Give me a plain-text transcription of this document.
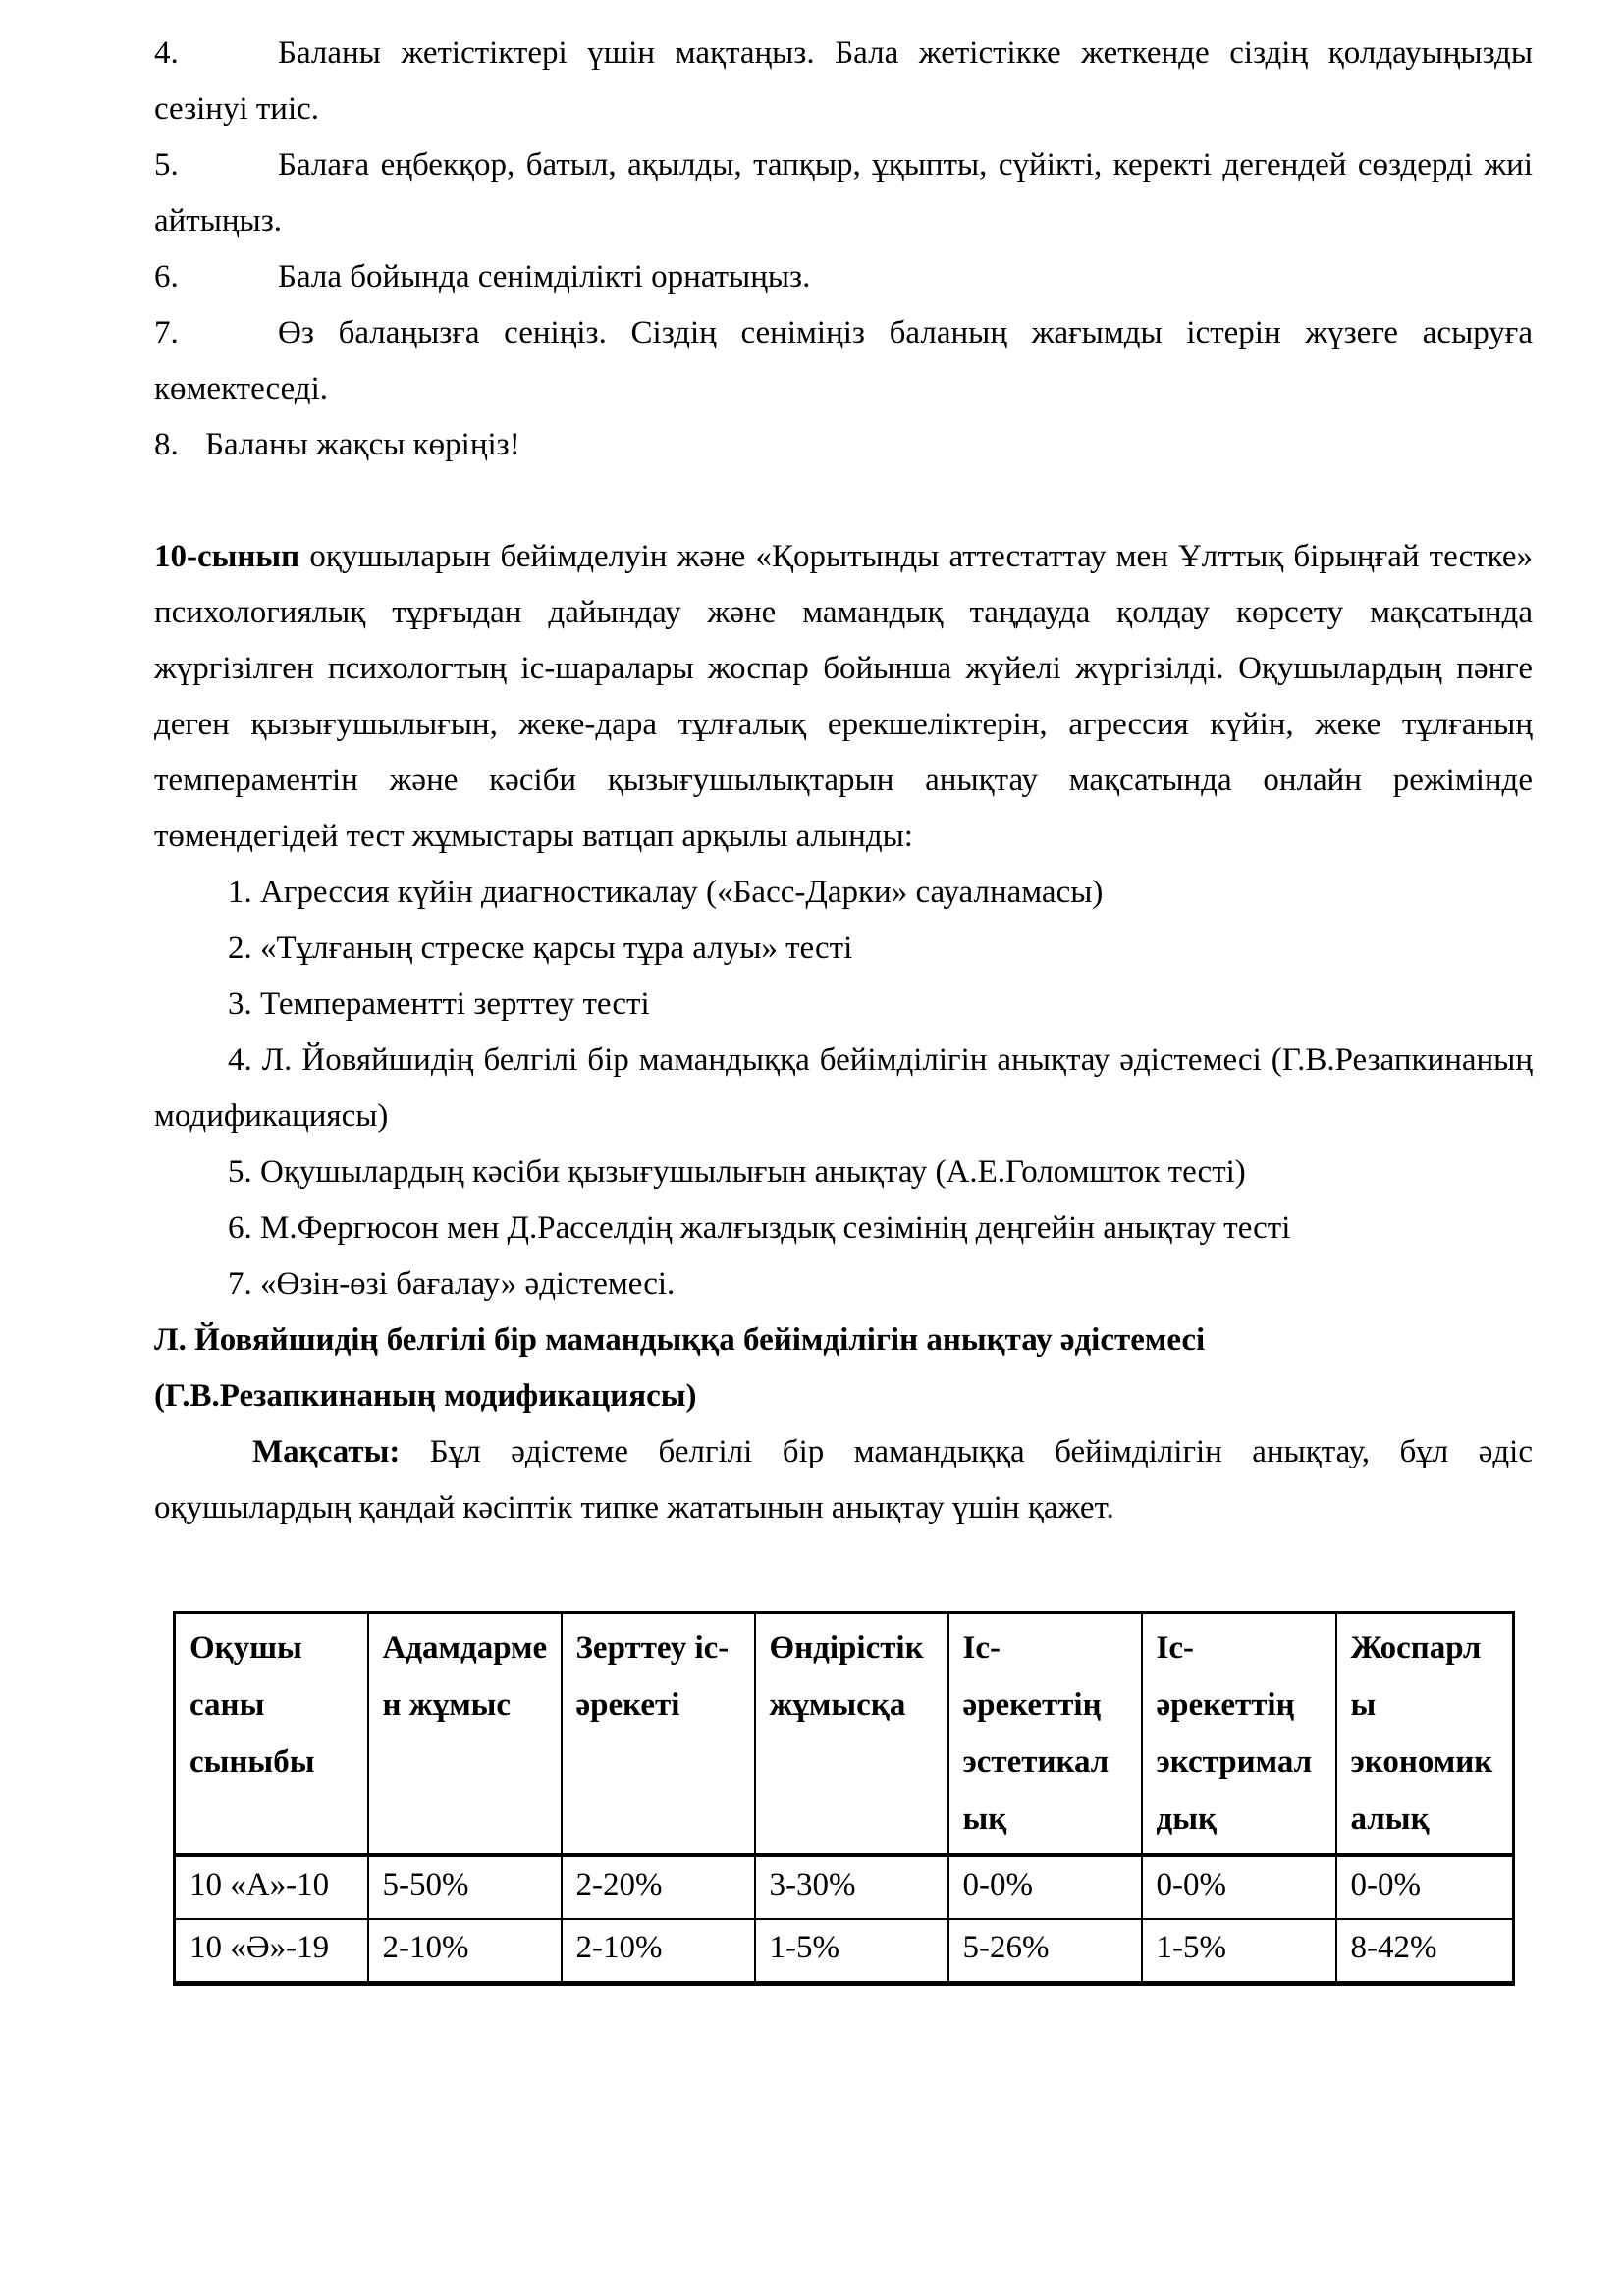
4.	Баланы жетістіктері үшін мақтаңыз. Бала жетістікке жеткенде сіздің қолдауыңызды сезінуі тиіс.

5.	Балаға еңбекқор, батыл, ақылды, тапқыр, ұқыпты, сүйікті, керекті дегендей сөздерді жиі айтыңыз.

6.	Бала бойында сенімділікті орнатыңыз.

7.	Өз балаңызға сеніңіз. Сіздің сеніміңіз баланың жағымды істерін жүзеге асыруға көмектеседі.

8. Баланы жақсы көріңіз!

10-сынып оқушыларын бейімделуін және «Қорытынды аттестаттау мен Ұлттық бірыңғай тестке» психологиялық тұрғыдан дайындау және мамандық таңдауда қолдау көрсету мақсатында жүргізілген психологтың іс-шаралары жоспар бойынша жүйелі жүргізілді. Оқушылардың пәнге деген қызығушылығын, жеке-дара тұлғалық ерекшеліктерін, агрессия күйін, жеке тұлғаның темпераментін және кәсіби қызығушылықтарын анықтау мақсатында онлайн режімінде төмендегідей тест жұмыстары ватцап арқылы алынды:

1. Агрессия күйін диагностикалау («Басс-Дарки» сауалнамасы)

2. «Тұлғаның стреске қарсы тұра алуы» тесті

3. Темпераментті зерттеу тесті

4. Л. Йовяйшидің белгілі бір мамандыққа бейімділігін анықтау әдістемесі (Г.В.Резапкинаның модификациясы)

5. Оқушылардың кәсіби қызығушылығын анықтау (А.Е.Голомшток тесті)

6. М.Фергюсон мен Д.Расселдің жалғыздық сезімінің деңгейін анықтау тесті

7. «Өзін-өзі бағалау» әдістемесі.

Л. Йовяйшидің белгілі бір мамандыққа бейімділігін анықтау әдістемесі

(Г.В.Резапкинаның модификациясы)

Мақсаты: Бұл әдістеме белгілі бір мамандыққа бейімділігін анықтау, бұл әдіс оқушылардың қандай кәсіптік типке жататынын анықтау үшін қажет.

Оқушы саны сыныбы	Адамдармен жұмыс	Зерттеу іс-әрекеті	Өндірістік жұмысқа	Іс-әрекеттің эстетикалық	Іс-әрекеттің экстрималдық	Жоспарлы экономикалық
10 «А»-10	5-50%	2-20%	3-30%	0-0%	0-0%	0-0%
10 «Ә»-19	2-10%	2-10%	1-5%	5-26%	1-5%	8-42%
